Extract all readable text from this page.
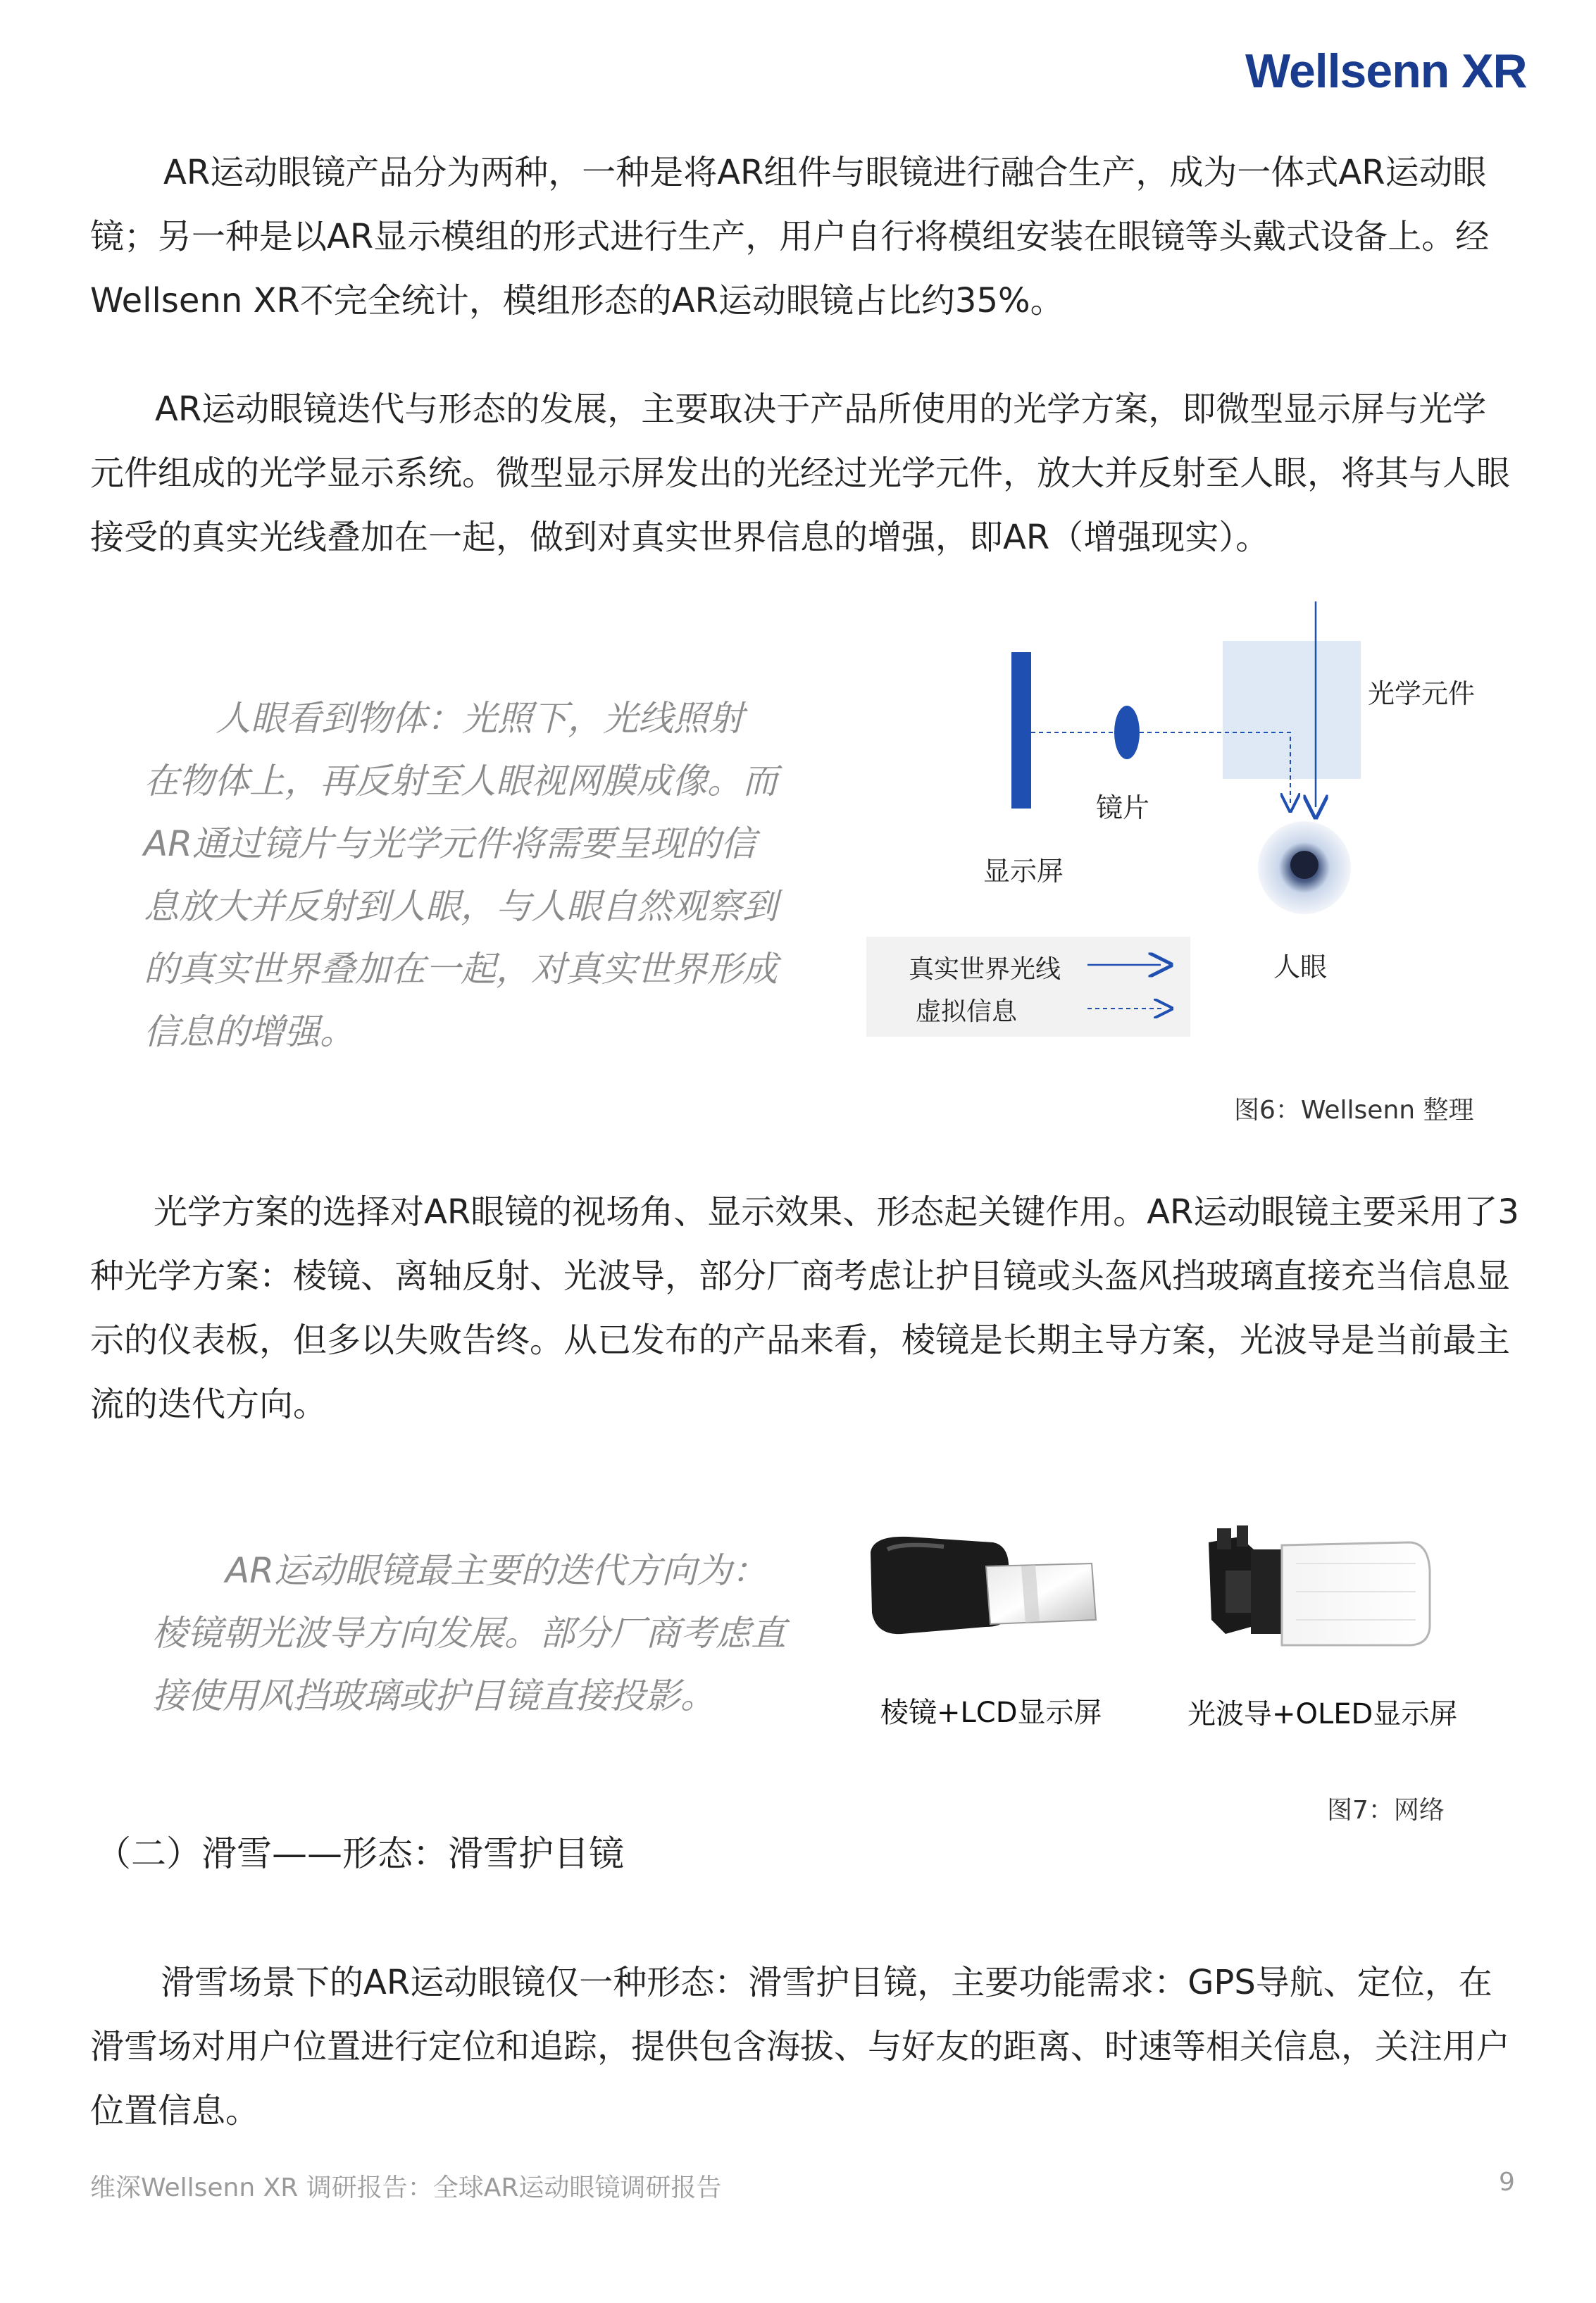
Wellsenn XR
AR运动眼镜产品分为两种，一种是将AR组件与眼镜进行融合生产，成为一体式AR运动眼镜；另一种是以AR显示模组的形式进行生产，用户自行将模组安装在眼镜等头戴式设备上。经Wellsenn XR不完全统计，模组形态的AR运动眼镜占比约35%。
AR运动眼镜迭代与形态的发展，主要取决于产品所使用的光学方案，即微型显示屏与光学元件组成的光学显示系统。微型显示屏发出的光经过光学元件，放大并反射至人眼，将其与人眼接受的真实光线叠加在一起，做到对真实世界信息的增强，即AR（增强现实）。
人眼看到物体：光照下，光线照射
在物体上，再反射至人眼视网膜成像。而
AR通过镜片与光学元件将需要呈现的信
息放大并反射到人眼，与人眼自然观察到
的真实世界叠加在一起，对真实世界形成
信息的增强。
光学元件
镜片
显示屏
人眼
真实世界光线
虚拟信息
图6：Wellsenn 整理
光学方案的选择对AR眼镜的视场角、显示效果、形态起关键作用。AR运动眼镜主要采用了3种光学方案：棱镜、离轴反射、光波导，部分厂商考虑让护目镜或头盔风挡玻璃直接充当信息显示的仪表板，但多以失败告终。从已发布的产品来看，棱镜是长期主导方案，光波导是当前最主流的迭代方向。
AR运动眼镜最主要的迭代方向为：
棱镜朝光波导方向发展。部分厂商考虑直
接使用风挡玻璃或护目镜直接投影。	棱镜+LCD显示屏	光波导+OLED显示屏
图7：网络
（二）滑雪——形态：滑雪护目镜
滑雪场景下的AR运动眼镜仅一种形态：滑雪护目镜，主要功能需求：GPS导航、定位，在滑雪场对用户位置进行定位和追踪，提供包含海拔、与好友的距离、时速等相关信息，关注用户位置信息。
维深Wellsenn XR 调研报告：全球AR运动眼镜调研报告	9
